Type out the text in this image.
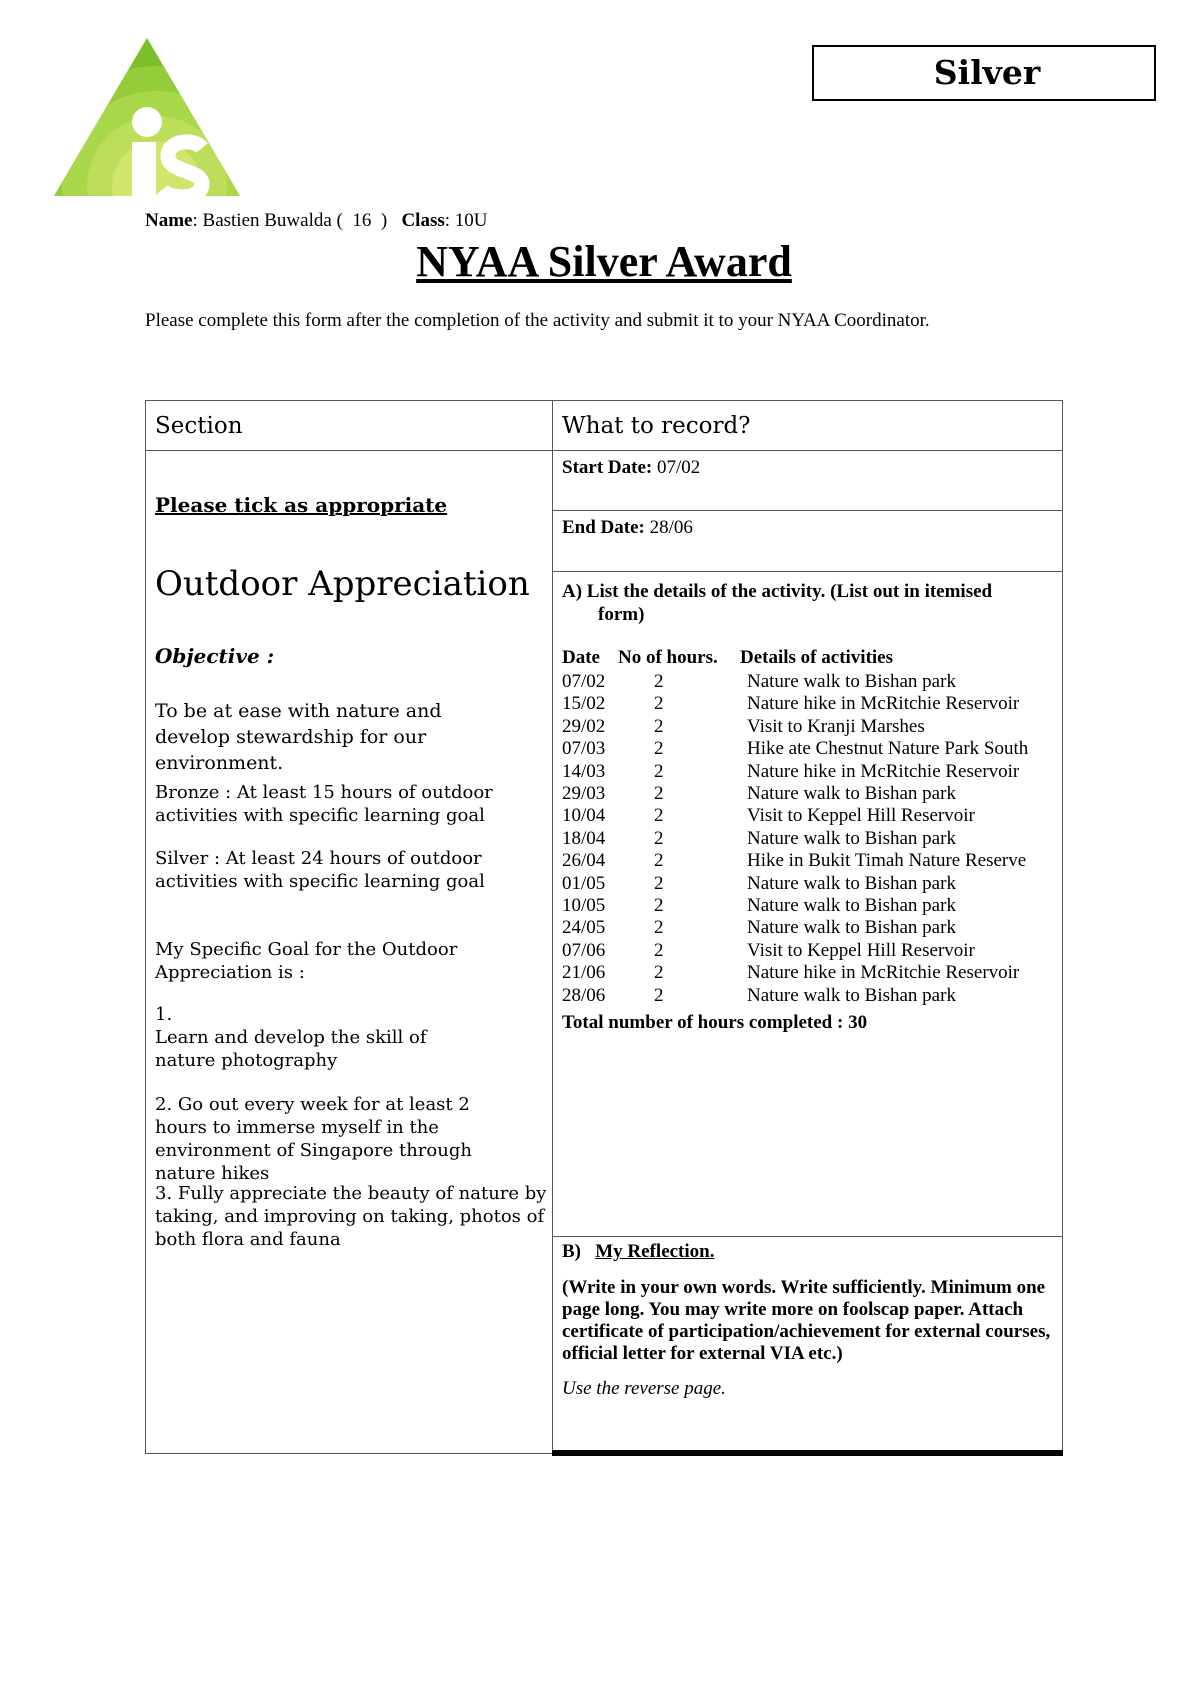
Silver
Name: Bastien Buwalda (  16  )   Class: 10U
NYAA Silver Award
Please complete this form after the completion of the activity and submit it to your NYAA Coordinator.
Section
Please tick as appropriate
Outdoor Appreciation
Objective :
To be at ease with nature and develop stewardship for our environment.
Bronze : At least 15 hours of outdoor activities with specific learning goal
Silver : At least 24 hours of outdoor activities with specific learning goal
My Specific Goal for the Outdoor Appreciation is :
1.
Learn and develop the skill of nature photography
2. Go out every week for at least 2 hours to immerse myself in the environment of Singapore through nature hikes
3. Fully appreciate the beauty of nature by taking, and improving on taking, photos of both flora and fauna
What to record?
Start Date: 07/02
End Date: 28/06
A) List the details of the activity. (List out in itemised form)
Date No of hours. Details of activities
07/02	2	Nature walk to Bishan park
15/02	2	Nature hike in McRitchie Reservoir
29/02	2	Visit to Kranji Marshes
07/03	2	Hike ate Chestnut Nature Park South
14/03	2	Nature hike in McRitchie Reservoir
29/03	2	Nature walk to Bishan park
10/04	2	Visit to Keppel Hill Reservoir
18/04	2	Nature walk to Bishan park
26/04	2	Hike in Bukit Timah Nature Reserve
01/05	2	Nature walk to Bishan park
10/05	2	Nature walk to Bishan park
24/05	2	Nature walk to Bishan park
07/06	2	Visit to Keppel Hill Reservoir
21/06	2	Nature hike in McRitchie Reservoir
28/06	2	Nature walk to Bishan park
Total number of hours completed : 30
B) My Reflection.
(Write in your own words. Write sufficiently. Minimum one page long. You may write more on foolscap paper. Attach certificate of participation/achievement for external courses, official letter for external VIA etc.)
Use the reverse page.
